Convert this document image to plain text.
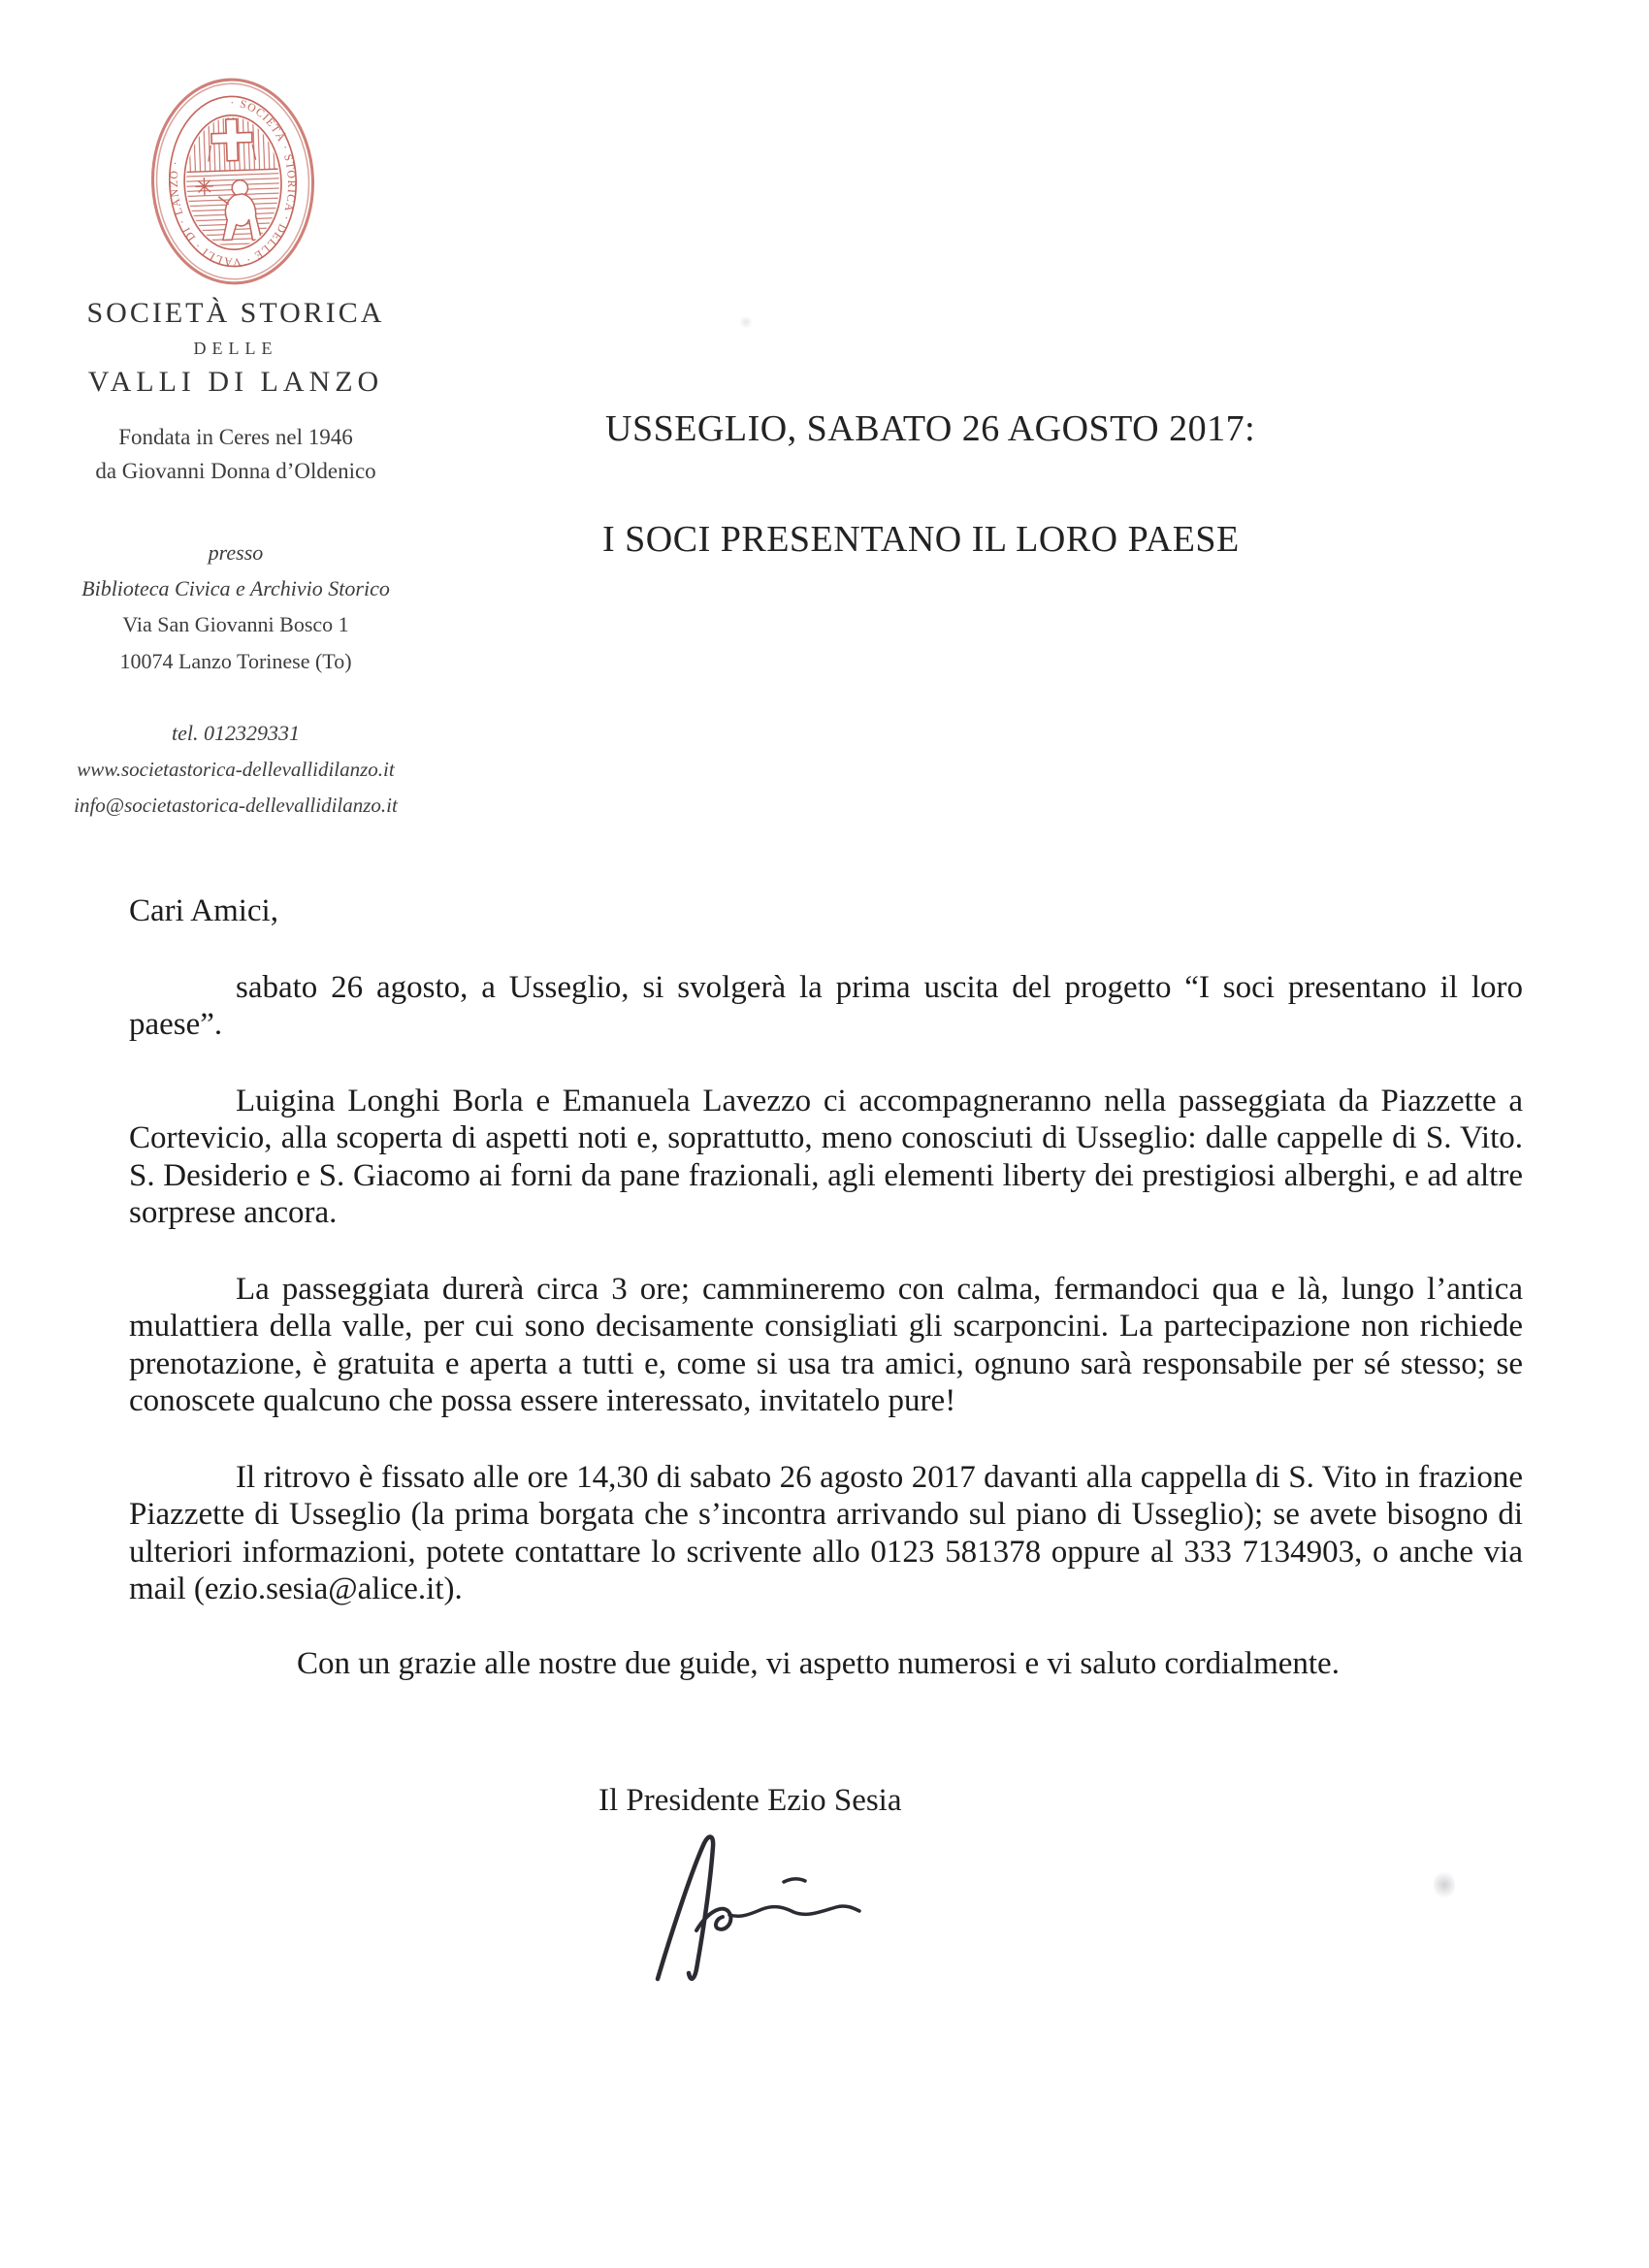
· SOCIETÀ · STORICA · DELLE · VALLI · DI · LANZO ·
SOCIETÀ STORICA
DELLE
VALLI DI LANZO
Fondata in Ceres nel 1946
da Giovanni Donna d’Oldenico
presso
Biblioteca Civica e Archivio Storico
Via San Giovanni Bosco 1
10074 Lanzo Torinese (To)
tel. 012329331
www.societastorica-dellevallidilanzo.it
info@societastorica-dellevallidilanzo.it
USSEGLIO, SABATO 26 AGOSTO 2017:
I SOCI PRESENTANO IL LORO PAESE

Cari Amici,

sabato 26 agosto, a Usseglio, si svolgerà la prima uscita del progetto “I soci presentano il loro paese”.

Luigina Longhi Borla e Emanuela Lavezzo ci accompagneranno nella passeggiata da Piazzette a Cortevicio, alla scoperta di aspetti noti e, soprattutto, meno conosciuti di Usseglio: dalle cappelle di S. Vito. S. Desiderio e S. Giacomo ai forni da pane frazionali, agli elementi liberty dei prestigiosi alberghi, e ad altre sorprese ancora.

La passeggiata durerà circa 3 ore; cammineremo con calma, fermandoci qua e là, lungo l’antica mulattiera della valle, per cui sono decisamente consigliati gli scarponcini. La partecipazione non richiede prenotazione, è gratuita e aperta a tutti e, come si usa tra amici, ognuno sarà responsabile per sé stesso; se conoscete qualcuno che possa essere interessato, invitatelo pure!

Il ritrovo è fissato alle ore 14,30 di sabato 26 agosto 2017 davanti alla cappella di S. Vito in frazione Piazzette di Usseglio (la prima borgata che s’incontra arrivando sul piano di Usseglio); se avete bisogno di ulteriori informazioni, potete contattare lo scrivente allo 0123 581378 oppure al 333 7134903, o anche via mail (ezio.sesia@alice.it).

Con un grazie alle nostre due guide, vi aspetto numerosi e vi saluto cordialmente.

Il Presidente Ezio Sesia
